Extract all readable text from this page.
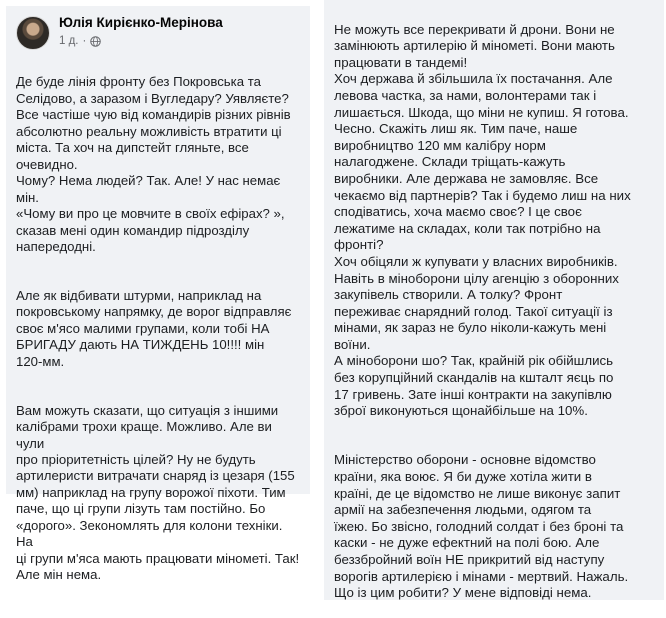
Юлія Кирієнко-Мерінова
1 д. ·

Де буде лінія фронту без Покровська та
Селідово, а заразом і Вугледару? Уявляєте?
Все частіше чую від командирів різних рівнів
абсолютно реальну можливість втратити ці
міста. Та хоч на дипстейт гляньте, все
очевидно.
Чому? Нема людей? Так. Але! У нас немає мін.
«Чому ви про це мовчите в своїх ефірах? »,
сказав мені один командир підрозділу
напередодні.

Але як відбивати штурми, наприклад на
покровському напрямку, де ворог відправляє
своє м'ясо малими групами, коли тобі НА
БРИГАДУ дають НА ТИЖДЕНЬ 10!!!! мін
120-мм.

Вам можуть сказати, що ситуація з іншими
калібрами трохи краще. Можливо. Але ви чули
про пріоритетність цілей? Ну не будуть
артилеристи витрачати снаряд із цезаря (155
мм) наприклад на групу ворожої піхоти. Тим
паче, що ці групи лізуть там постійно. Бо
«дорого». Зекономлять для колони техніки. На
ці групи м'яса мають працювати мінометі. Так!
Але мін нема.

Не можуть все перекривати й дрони. Вони не
замінюють артилерію й мінометі. Вони мають
працювати в тандемі!
Хоч держава й збільшила їх постачання. Але
левова частка, за нами, волонтерами так і
лишається. Шкода, що міни не купиш. Я готова.
Чесно. Скажіть лиш як. Тим паче, наше
виробництво 120 мм калібру норм
налагоджене. Склади тріщать-кажуть
виробники. Але держава не замовляє. Все
чекаємо від партнерів? Так і будемо лиш на них
сподіватись, хоча маємо своє? І це своє
лежатиме на складах, коли так потрібно на
фронті?
Хоч обіцяли ж купувати у власних виробників.
Навіть в міноборони цілу агенцію з оборонних
закупівель створили. А толку? Фронт
переживає снарядний голод. Такої ситуації із
мінами, як зараз не було ніколи-кажуть мені
воїни.
А міноборони шо? Так, крайній рік обійшлись
без корупційний скандалів на кшталт яєць по
17 гривень. Зате інші контракти на закупівлю
зброї виконуються щонайбільше на 10%.

Міністерство оборони - основне відомство
країни, яка воює. Я би дуже хотіла жити в
країні, де це відомство не лише виконує запит
армії на забезпечення людьми, одягом та
їжею. Бо звісно, голодний солдат і без броні та
каски - не дуже ефектний на полі бою. Але
беззбройний воїн НЕ прикритий від наступу
ворогів артилерією і мінами - мертвий. Нажаль.
Що із цим робити? У мене відповіді нема.
